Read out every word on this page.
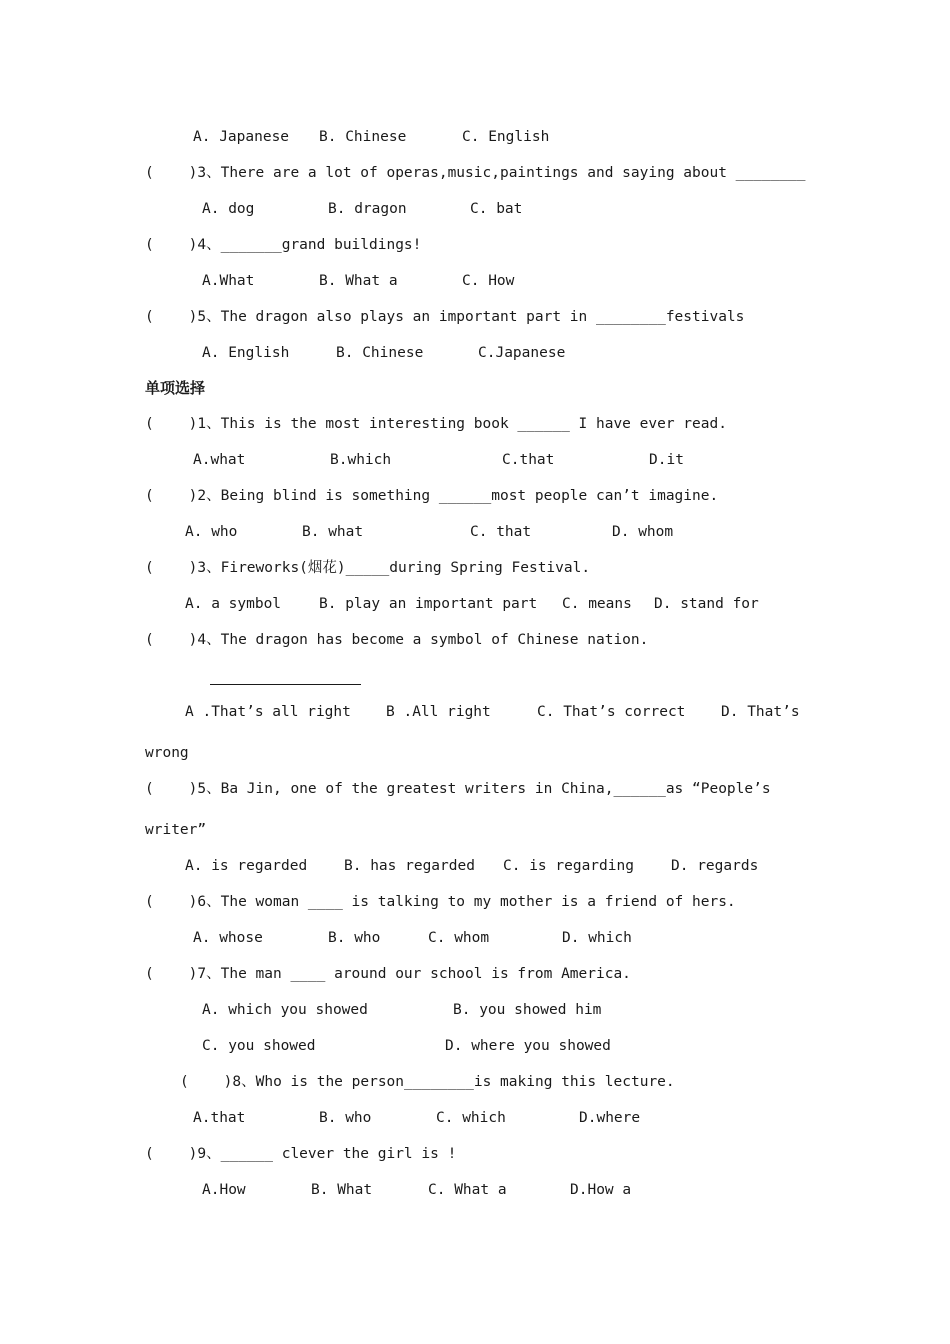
A. Japanese B. Chinese	C. English
(    )3、There are a lot of operas,music,paintings and saying about ________
A. dog	B. dragon	C. bat
(    )4、_______grand buildings!
A.What	B. What a	C. How
(    )5、The dragon also plays an important part in ________festivals
A. English	B. Chinese	C.Japanese
单项选择
(    )1、This is the most interesting book ______ I have ever read.
A.what	B.which	C.that	D.it
(    )2、Being blind is something ______most people can’t imagine.
A. who	B. what	C. that	D. whom
(    )3、Fireworks(烟花)_____during Spring Festival.
A. a symbol	B. play an important part C. means D. stand for
(    )4、The dragon has become a symbol of Chinese nation.
A .That’s all right B .All right	C. That’s correct D. That’s
wrong
(    )5、Ba Jin, one of the greatest writers in China,______as “People’s
writer”
A. is regarded	B. has regarded C. is regarding	D. regards
(    )6、The woman ____ is talking to my mother is a friend of hers.
A. whose	B. who	C. whom	D. which
(    )7、The man ____ around our school is from America.
A. which you showed	B. you showed him
C. you showed	D. where you showed
(    )8、Who is the person________is making this lecture.
A.that	B. who	C. which	D.where
(    )9、______ clever the girl is !
A.How	B. What	C. What a	D.How a
